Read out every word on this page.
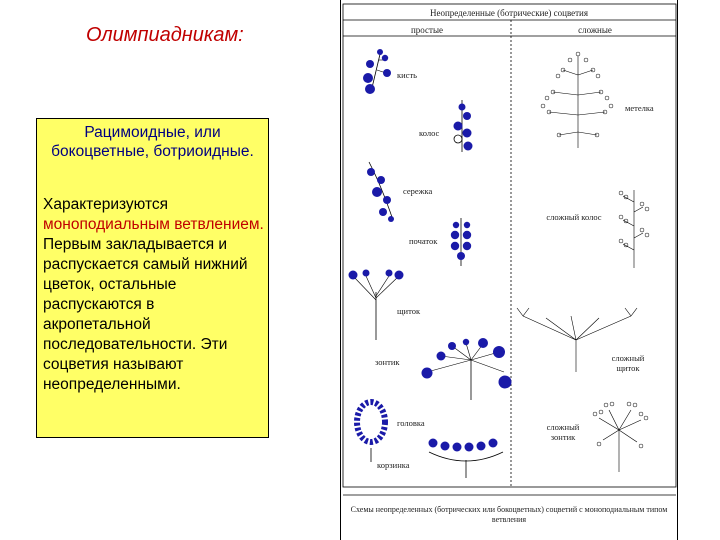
Олимпиадникам:
Рацимоидные, или бокоцветные, ботриоидные.
Характеризуются моноподиальным ветвлением. Первым закладывается и распускается самый нижний цветок, остальные распускаются в акропетальной последовательности. Эти соцветия называют неопределенными.
Неопределенные (ботрические) соцветия
простые	сложные
кисть
колос
сережка
початок
щиток
зонтик
головка
корзинка
метелка
сложный колос
сложный щиток
сложный зонтик
Схемы неопределенных (ботрических или бокоцветных) соцветий с моноподиальным типом ветвления
